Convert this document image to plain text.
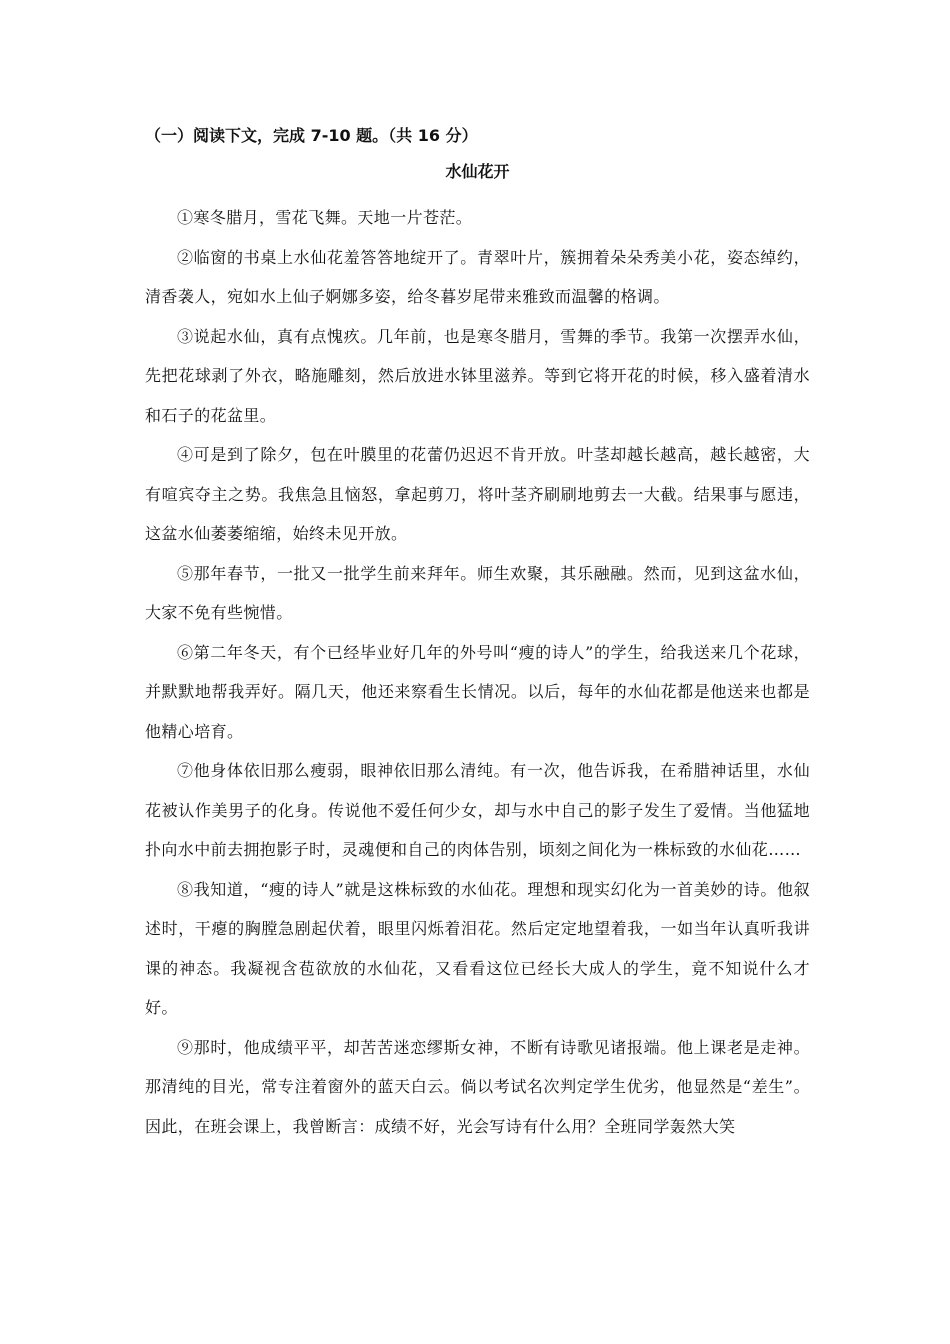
（一）阅读下文，完成 7-10 题。（共 16 分）
水仙花开

①寒冬腊月，雪花飞舞。天地一片苍茫。

②临窗的书桌上水仙花羞答答地绽开了。青翠叶片，簇拥着朵朵秀美小花，姿态绰约，清香袭人，宛如水上仙子婀娜多姿，给冬暮岁尾带来雅致而温馨的格调。

③说起水仙，真有点愧疚。几年前，也是寒冬腊月，雪舞的季节。我第一次摆弄水仙，先把花球剥了外衣，略施雕刻，然后放进水钵里滋养。等到它将开花的时候，移入盛着清水和石子的花盆里。

④可是到了除夕，包在叶膜里的花蕾仍迟迟不肯开放。叶茎却越长越高，越长越密，大有喧宾夺主之势。我焦急且恼怒，拿起剪刀，将叶茎齐刷刷地剪去一大截。结果事与愿违，这盆水仙萎萎缩缩，始终未见开放。

⑤那年春节，一批又一批学生前来拜年。师生欢聚，其乐融融。然而，见到这盆水仙，大家不免有些惋惜。

⑥第二年冬天，有个已经毕业好几年的外号叫“瘦的诗人”的学生，给我送来几个花球，并默默地帮我弄好。隔几天，他还来察看生长情况。以后，每年的水仙花都是他送来也都是他精心培育。

⑦他身体依旧那么瘦弱，眼神依旧那么清纯。有一次，他告诉我，在希腊神话里，水仙花被认作美男子的化身。传说他不爱任何少女，却与水中自己的影子发生了爱情。当他猛地扑向水中前去拥抱影子时，灵魂便和自己的肉体告别，顷刻之间化为一株标致的水仙花……

⑧我知道，“瘦的诗人”就是这株标致的水仙花。理想和现实幻化为一首美妙的诗。他叙述时，干瘪的胸膛急剧起伏着，眼里闪烁着泪花。然后定定地望着我，一如当年认真听我讲课的神态。我凝视含苞欲放的水仙花，又看看这位已经长大成人的学生，竟不知说什么才好。

⑨那时，他成绩平平，却苦苦迷恋缪斯女神，不断有诗歌见诸报端。他上课老是走神。那清纯的目光，常专注着窗外的蓝天白云。倘以考试名次判定学生优劣，他显然是“差生”。因此，在班会课上，我曾断言：成绩不好，光会写诗有什么用？全班同学轰然大笑
